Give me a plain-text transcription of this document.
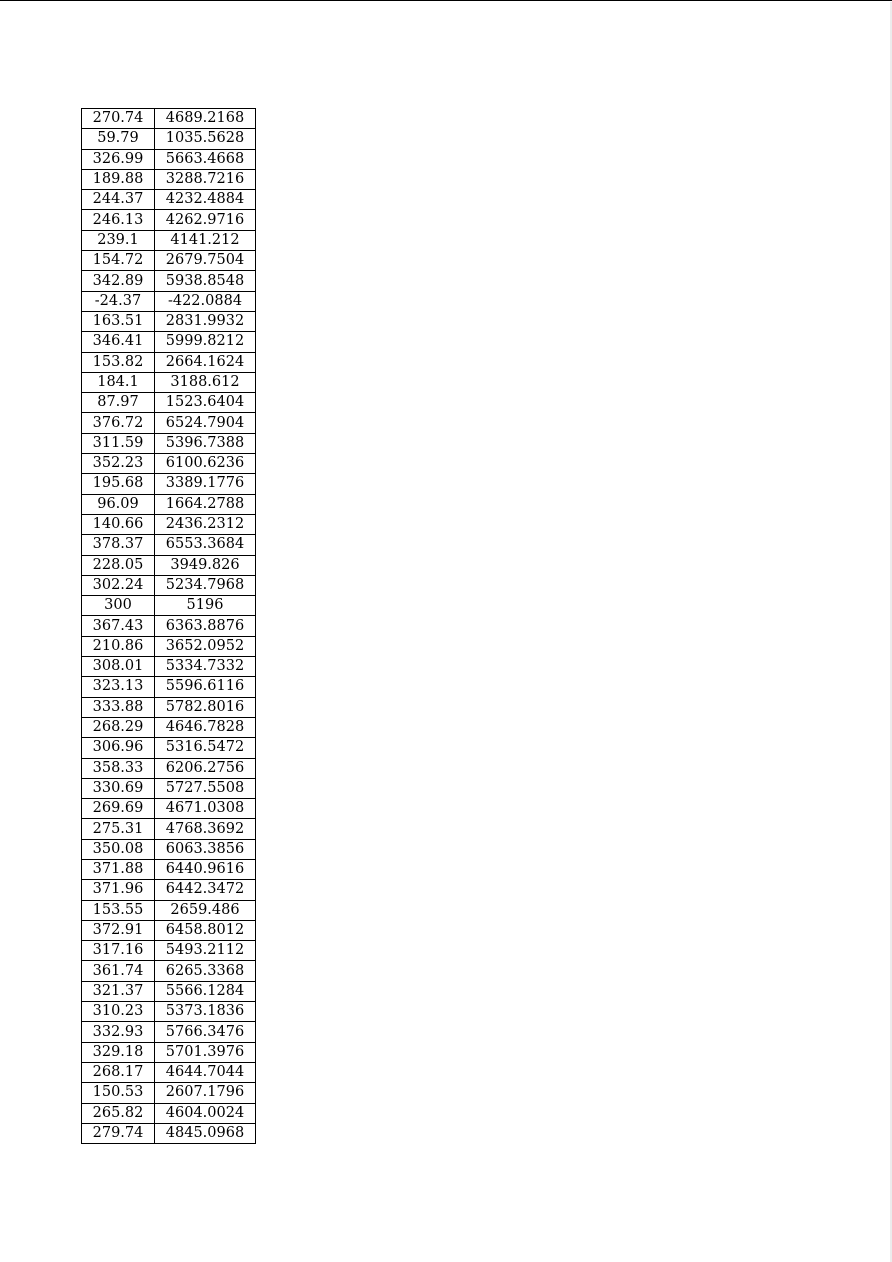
270.74	4689.2168
59.79	1035.5628
326.99	5663.4668
189.88	3288.7216
244.37	4232.4884
246.13	4262.9716
239.1	4141.212
154.72	2679.7504
342.89	5938.8548
-24.37	-422.0884
163.51	2831.9932
346.41	5999.8212
153.82	2664.1624
184.1	3188.612
87.97	1523.6404
376.72	6524.7904
311.59	5396.7388
352.23	6100.6236
195.68	3389.1776
96.09	1664.2788
140.66	2436.2312
378.37	6553.3684
228.05	3949.826
302.24	5234.7968
300	5196
367.43	6363.8876
210.86	3652.0952
308.01	5334.7332
323.13	5596.6116
333.88	5782.8016
268.29	4646.7828
306.96	5316.5472
358.33	6206.2756
330.69	5727.5508
269.69	4671.0308
275.31	4768.3692
350.08	6063.3856
371.88	6440.9616
371.96	6442.3472
153.55	2659.486
372.91	6458.8012
317.16	5493.2112
361.74	6265.3368
321.37	5566.1284
310.23	5373.1836
332.93	5766.3476
329.18	5701.3976
268.17	4644.7044
150.53	2607.1796
265.82	4604.0024
279.74	4845.0968
